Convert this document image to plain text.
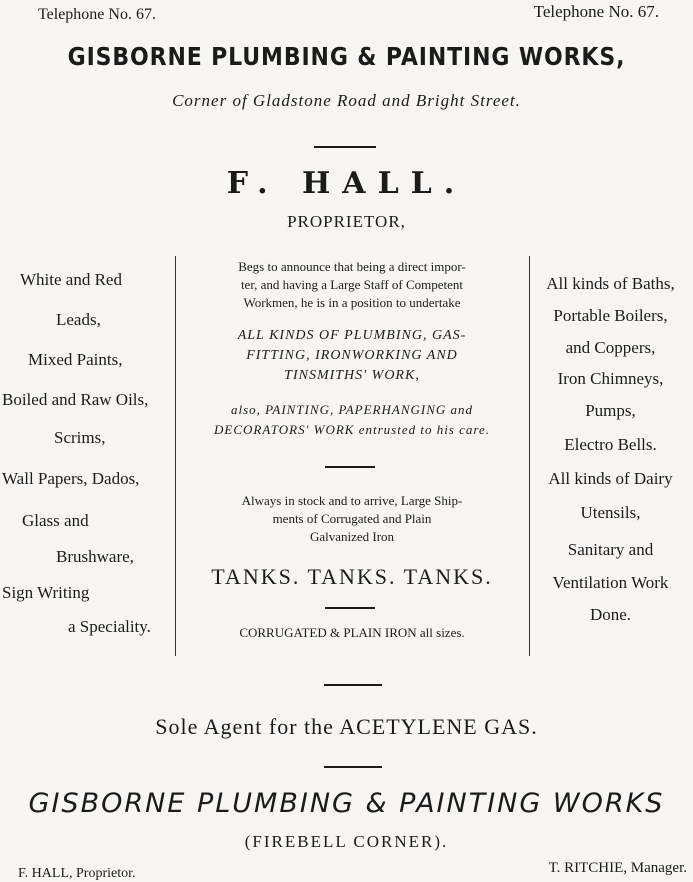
Telephone No. 67.	Telephone No. 67.
GISBORNE PLUMBING & PAINTING WORKS,
Corner of Gladstone Road and Bright Street.
F. HALL.
PROPRIETOR,
White and Red
Leads,
Mixed Paints,
Boiled and Raw Oils,
Scrims,
Wall Papers, Dados,
Glass and
Brushware,
Sign Writing
a Speciality.
Begs to announce that being a direct impor-
ter, and having a Large Staff of Competent
Workmen, he is in a position to undertake
ALL KINDS OF PLUMBING, GAS-
FITTING, IRONWORKING AND
TINSMITHS' WORK,
also, PAINTING, PAPERHANGING and
DECORATORS' WORK entrusted to his care.
Always in stock and to arrive, Large Ship-
ments of Corrugated and Plain
Galvanized Iron
TANKS. TANKS. TANKS.
CORRUGATED & PLAIN IRON all sizes.
All kinds of Baths,
Portable Boilers,
and Coppers,
Iron Chimneys,
Pumps,
Electro Bells.
All kinds of Dairy
Utensils,
Sanitary and
Ventilation Work
Done.
Sole Agent for the ACETYLENE GAS.
GISBORNE PLUMBING & PAINTING WORKS
(FIREBELL CORNER).
F. HALL, Proprietor.	T. RITCHIE, Manager.
